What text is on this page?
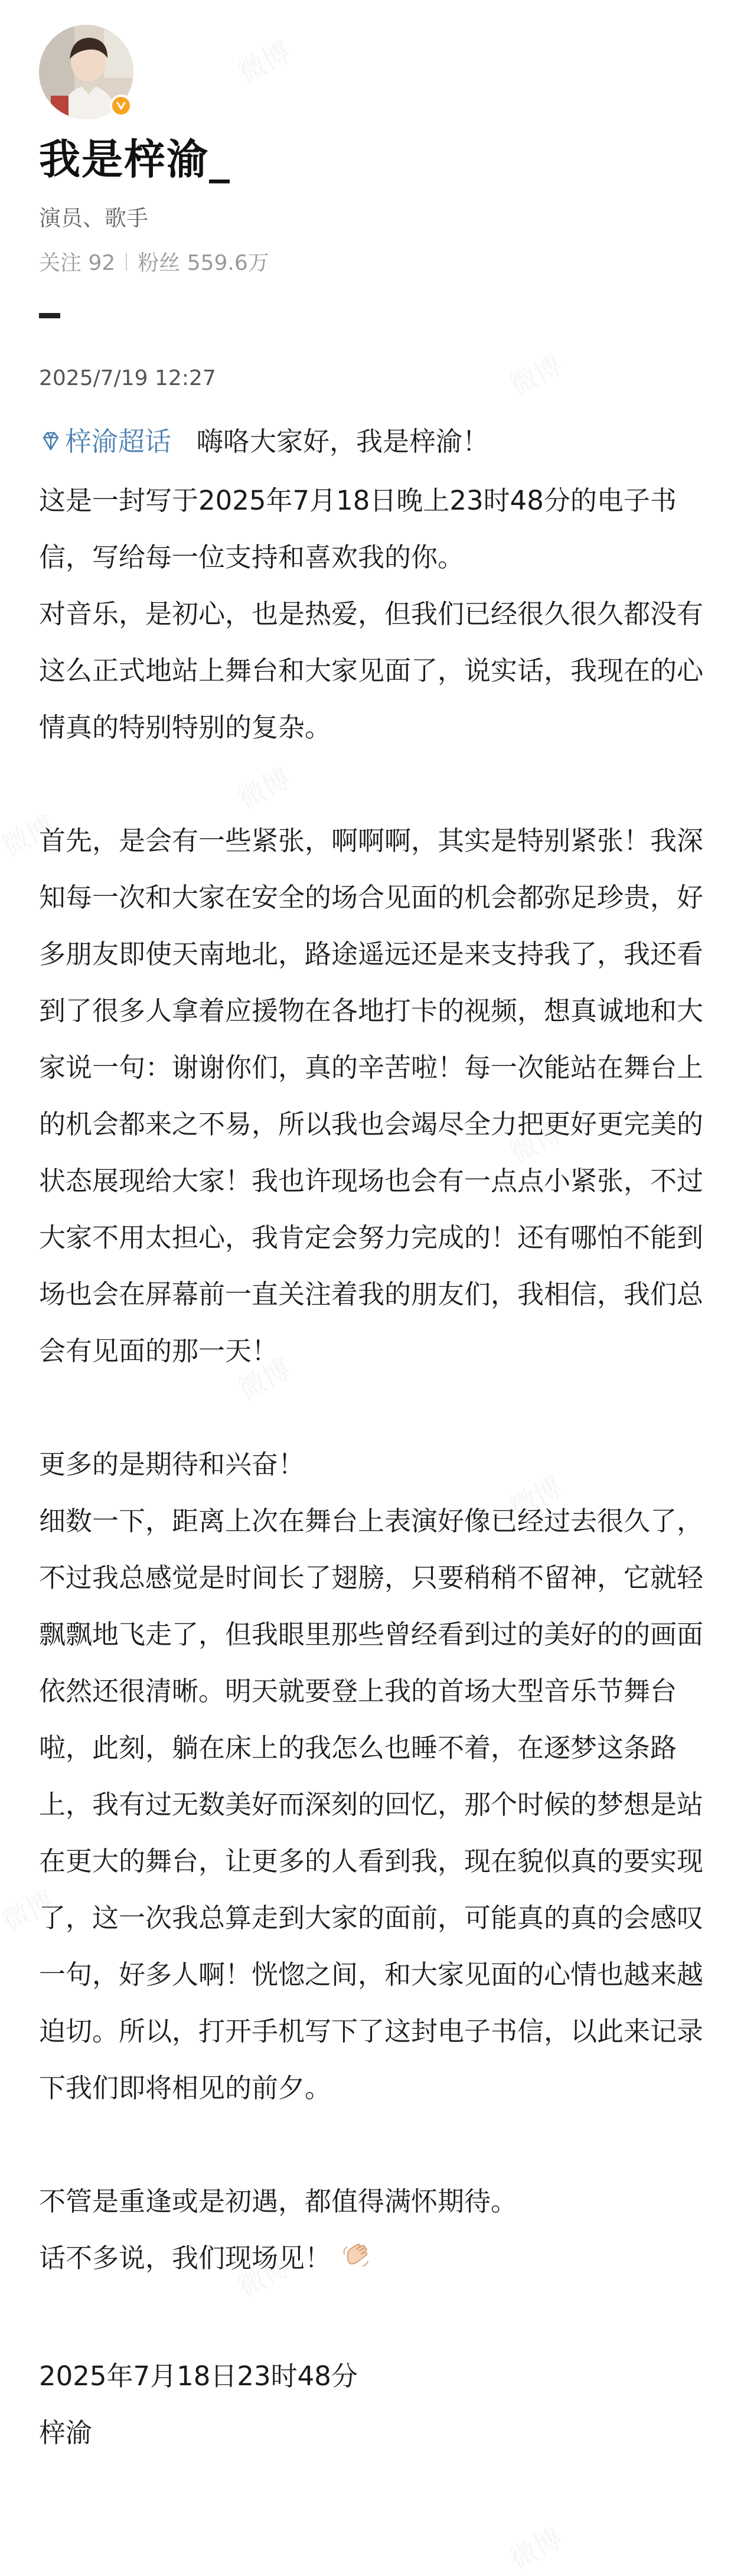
我是梓渝_
演员、歌手
关注 92 粉丝 559.6万
2025/7/19 12:27

梓渝超话 嗨咯大家好，我是梓渝！

这是一封写于2025年7月18日晚上23时48分的电子书信，写给每一位支持和喜欢我的你。

对音乐，是初心，也是热爱，但我们已经很久很久都没有这么正式地站上舞台和大家见面了，说实话，我现在的心情真的特别特别的复杂。

首先，是会有一些紧张，啊啊啊，其实是特别紧张！我深知每一次和大家在安全的场合见面的机会都弥足珍贵，好多朋友即使天南地北，路途遥远还是来支持我了，我还看到了很多人拿着应援物在各地打卡的视频，想真诚地和大家说一句：谢谢你们，真的辛苦啦！每一次能站在舞台上的机会都来之不易，所以我也会竭尽全力把更好更完美的状态展现给大家！我也许现场也会有一点点小紧张，不过大家不用太担心，我肯定会努力完成的！还有哪怕不能到场也会在屏幕前一直关注着我的朋友们，我相信，我们总会有见面的那一天！

更多的是期待和兴奋！

细数一下，距离上次在舞台上表演好像已经过去很久了，不过我总感觉是时间长了翅膀，只要稍稍不留神，它就轻飘飘地飞走了，但我眼里那些曾经看到过的美好的的画面依然还很清晰。明天就要登上我的首场大型音乐节舞台啦，此刻，躺在床上的我怎么也睡不着，在逐梦这条路上，我有过无数美好而深刻的回忆，那个时候的梦想是站在更大的舞台，让更多的人看到我，现在貌似真的要实现了，这一次我总算走到大家的面前，可能真的真的会感叹一句，好多人啊！恍惚之间，和大家见面的心情也越来越迫切。所以，打开手机写下了这封电子书信，以此来记录下我们即将相见的前夕。

不管是重逢或是初遇，都值得满怀期待。

话不多说，我们现场见！

2025年7月18日23时48分

梓渝
